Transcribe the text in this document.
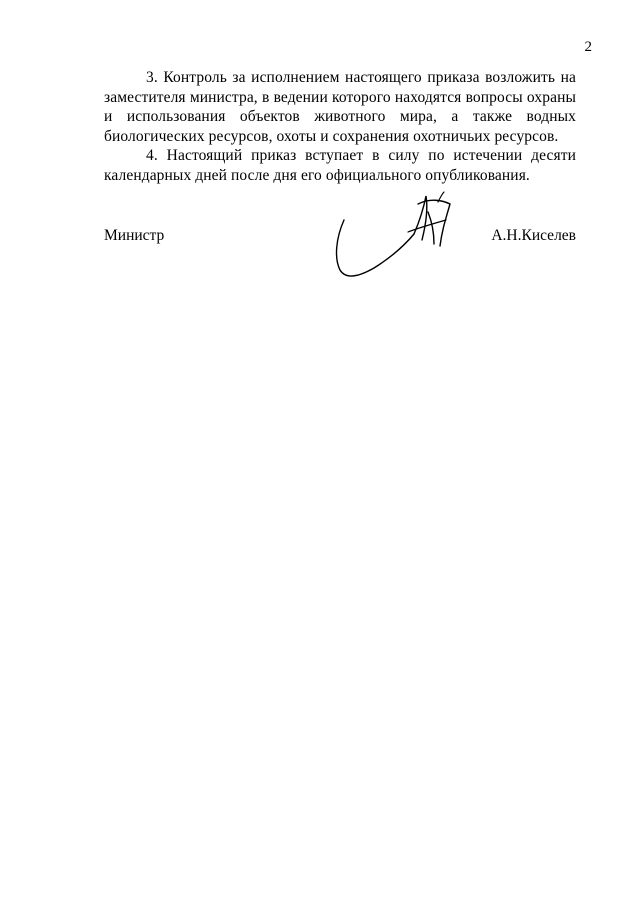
2

3. Контроль за исполнением настоящего приказа возложить на заместителя министра, в ведении которого находятся вопросы охраны и использования объектов животного мира, а также водных биологических ресурсов, охоты и сохранения охотничьих ресурсов.

4. Настоящий приказ вступает в силу по истечении десяти календарных дней после дня его официального опубликования.

Министр	А.Н.Киселев
